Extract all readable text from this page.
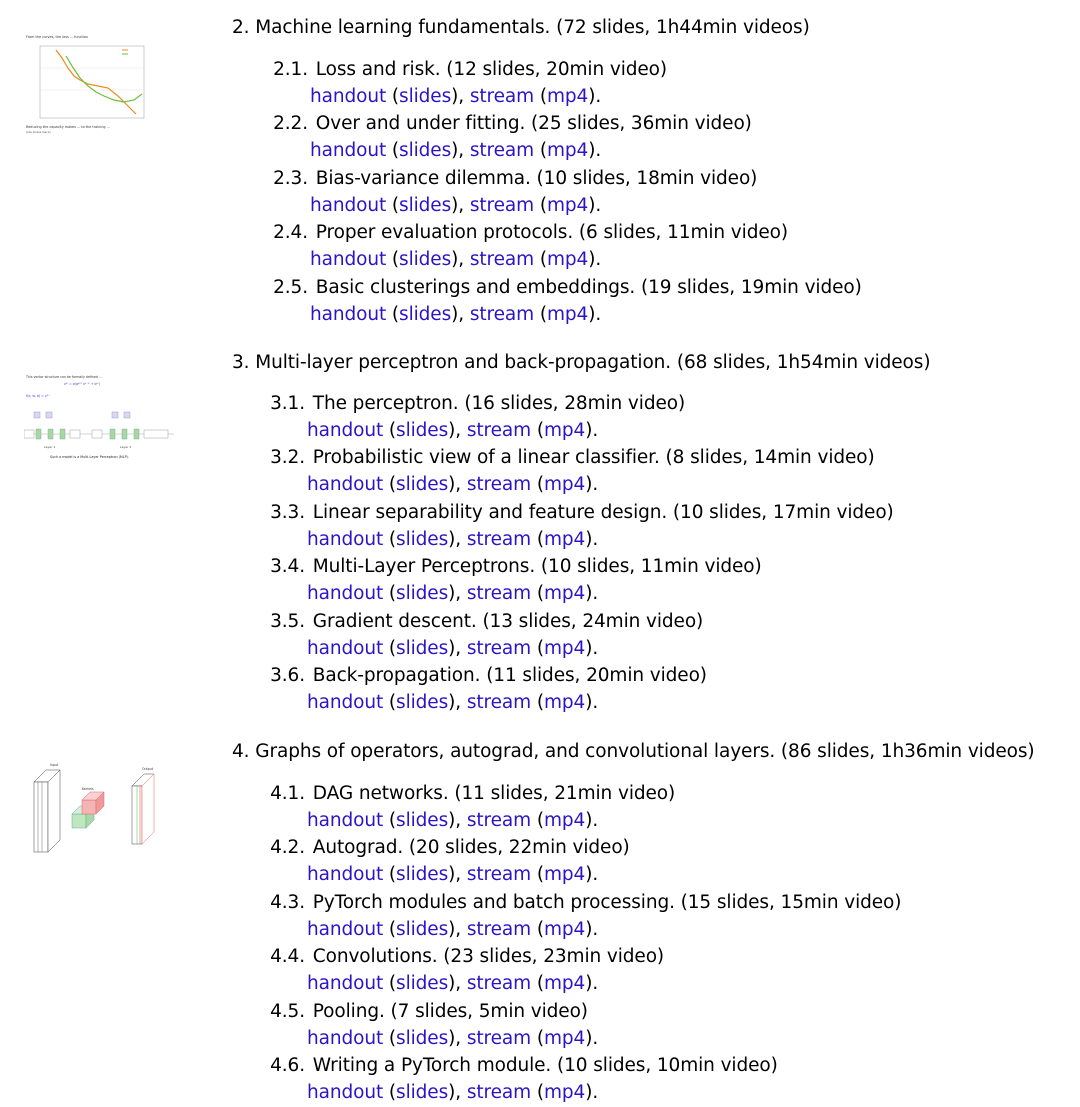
From the curves, the loss ... function
Reducing the capacity makes ... to the training ...
(Ide Grass Gare)
2. Machine learning fundamentals. (72 slides, 1h44min videos)
2.1. Loss and risk. (12 slides, 20min video)
handout (slides), stream (mp4).
2.2. Over and under fitting. (25 slides, 36min video)
handout (slides), stream (mp4).
2.3. Bias-variance dilemma. (10 slides, 18min video)
handout (slides), stream (mp4).
2.4. Proper evaluation protocols. (6 slides, 11min video)
handout (slides), stream (mp4).
2.5. Basic clusterings and embeddings. (19 slides, 19min video)
handout (slides), stream (mp4).
This vector structure can be formally defined ...
x⁽ˡ⁾ = σ(w⁽ˡ⁾ᵀ x⁽ˡ⁻¹⁾ + b⁽ˡ⁾)
f(x; w, b) = x⁽ᴸ⁾
Layer 1	Layer 2
Such a model is a Multi-Layer Perceptron (MLP).
3. Multi-layer perceptron and back-propagation. (68 slides, 1h54min videos)
3.1. The perceptron. (16 slides, 28min video)
handout (slides), stream (mp4).
3.2. Probabilistic view of a linear classifier. (8 slides, 14min video)
handout (slides), stream (mp4).
3.3. Linear separability and feature design. (10 slides, 17min video)
handout (slides), stream (mp4).
3.4. Multi-Layer Perceptrons. (10 slides, 11min video)
handout (slides), stream (mp4).
3.5. Gradient descent. (13 slides, 24min video)
handout (slides), stream (mp4).
3.6. Back-propagation. (11 slides, 20min video)
handout (slides), stream (mp4).
Input
Kernels
Output
4. Graphs of operators, autograd, and convolutional layers. (86 slides, 1h36min videos)
4.1. DAG networks. (11 slides, 21min video)
handout (slides), stream (mp4).
4.2. Autograd. (20 slides, 22min video)
handout (slides), stream (mp4).
4.3. PyTorch modules and batch processing. (15 slides, 15min video)
handout (slides), stream (mp4).
4.4. Convolutions. (23 slides, 23min video)
handout (slides), stream (mp4).
4.5. Pooling. (7 slides, 5min video)
handout (slides), stream (mp4).
4.6. Writing a PyTorch module. (10 slides, 10min video)
handout (slides), stream (mp4).
